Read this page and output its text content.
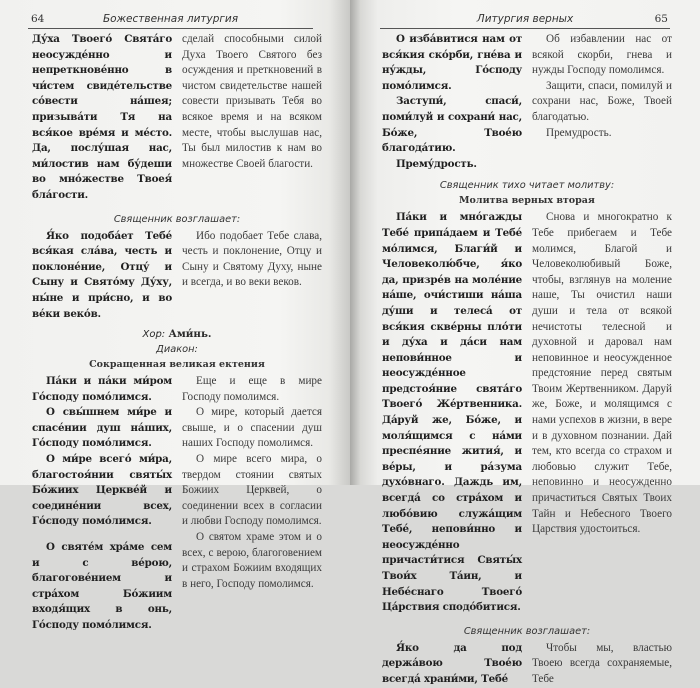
64	Божественная литургия

Ду́ха Твоего́ Свята́го неосужде́нно и непреткнове́нно в чи́стем свиде́тельстве со́вести на́шея; призыва́ти Тя на вся́кое вре́мя и ме́сто. Да, послу́шая нас, ми́лостив нам бу́деши во мно́жестве Твоея́ бла́гости.

сделай способными силой Духа Твоего Святого без осуждения и преткновений в чистом свидетельстве нашей совести призывать Тебя во всякое время и на всяком месте, чтобы выслушав нас, Ты был милостив к нам во множестве Своей благости.

Священник возглашает:

Я́ко подоба́ет Тебе́ вся́кая сла́ва, честь и поклоне́ние, Отцу́ и Сыну и Свято́му Ду́ху, ны́не и при́сно, и во ве́ки веко́в.

Ибо подобает Тебе слава, честь и поклонение, Отцу и Сыну и Святому Духу, ныне и всегда, и во веки веков.

Хор: Ами́нь.
Диакон:
Сокращенная великая ектения

Па́ки и па́ки ми́ром Го́споду помо́лимся.

О свы́шнем ми́ре и спасе́нии душ на́ших, Го́споду помо́лимся.

О ми́ре всего́ ми́ра, благостоя́нии святы́х Бо́жиих Церкве́й и соедине́нии всех, Го́споду помо́лимся.

О святе́м хра́ме сем и с ве́рою, благогове́нием и стра́хом Бо́жиим входя́щих в онь, Го́споду помо́лимся.

Еще и еще в мире Господу помолимся.

О мире, который дается свыше, и о спасении душ наших Господу помолимся.

О мире всего мира, о твердом стоянии святых Божиих Церквей, о соединении всех в согласии и любви Господу помолимся.

О святом храме этом и о всех, с верою, благоговением и страхом Божиим входящих в него, Господу помолимся.

Литургия верных	65

О изба́витися нам от вся́кия ско́рби, гне́ва и ну́жды, Го́споду помо́лимся.

Заступи́, спаси́, поми́луй и сохрани́ нас, Бо́же, Твое́ю благода́тию.

Прему́дрость.

Об избавлении нас от всякой скорби, гнева и нужды Господу помолимся.

Защити, спаси, помилуй и сохрани нас, Боже, Твоей благодатью.

Премудрость.

Священник тихо читает молитву:
Молитва верных вторая

Па́ки и мно́гажды Тебе́ припа́даем и Тебе́ мо́лимся, Благи́й и Человеколю́бче, я́ко да, призре́в на моле́ние на́ше, очи́стиши на́ша ду́ши и телеса́ от вся́кия скве́рны пло́ти и ду́ха и да́си нам непови́нное и неосужде́нное предстоя́ние свята́го Твоего́ Же́ртвенника. Да́руй же, Бо́же, и моля́щимся с на́ми преспе́яние жития́, и ве́ры, и ра́зума духо́внаго. Даждь им, всегда́ со стра́хом и любо́вию служа́щим Тебе́, непови́нно и неосужде́нно причасти́тися Святы́х Твои́х Та́ин, и Небе́снаго Твоего́ Ца́рствия сподо́битися.

Снова и многократно к Тебе прибегаем и Тебе молимся, Благой и Человеколюбивый Боже, чтобы, взглянув на моление наше, Ты очистил наши души и тела от всякой нечистоты телесной и духовной и даровал нам неповинное и неосужденное предстояние перед святым Твоим Жертвенником. Даруй же, Боже, и молящимся с нами успехов в жизни, в вере и в духовном познании. Дай тем, кто всегда со страхом и любовью служит Тебе, неповинно и неосужденно причаститься Святых Твоих Тайн и Небесного Твоего Царствия удостоиться.

Священник возглашает:

Я́ко да под держа́вою Твое́ю всегда́ храни́ми, Тебе́

Чтобы мы, властью Твоею всегда сохраняемые, Тебе
